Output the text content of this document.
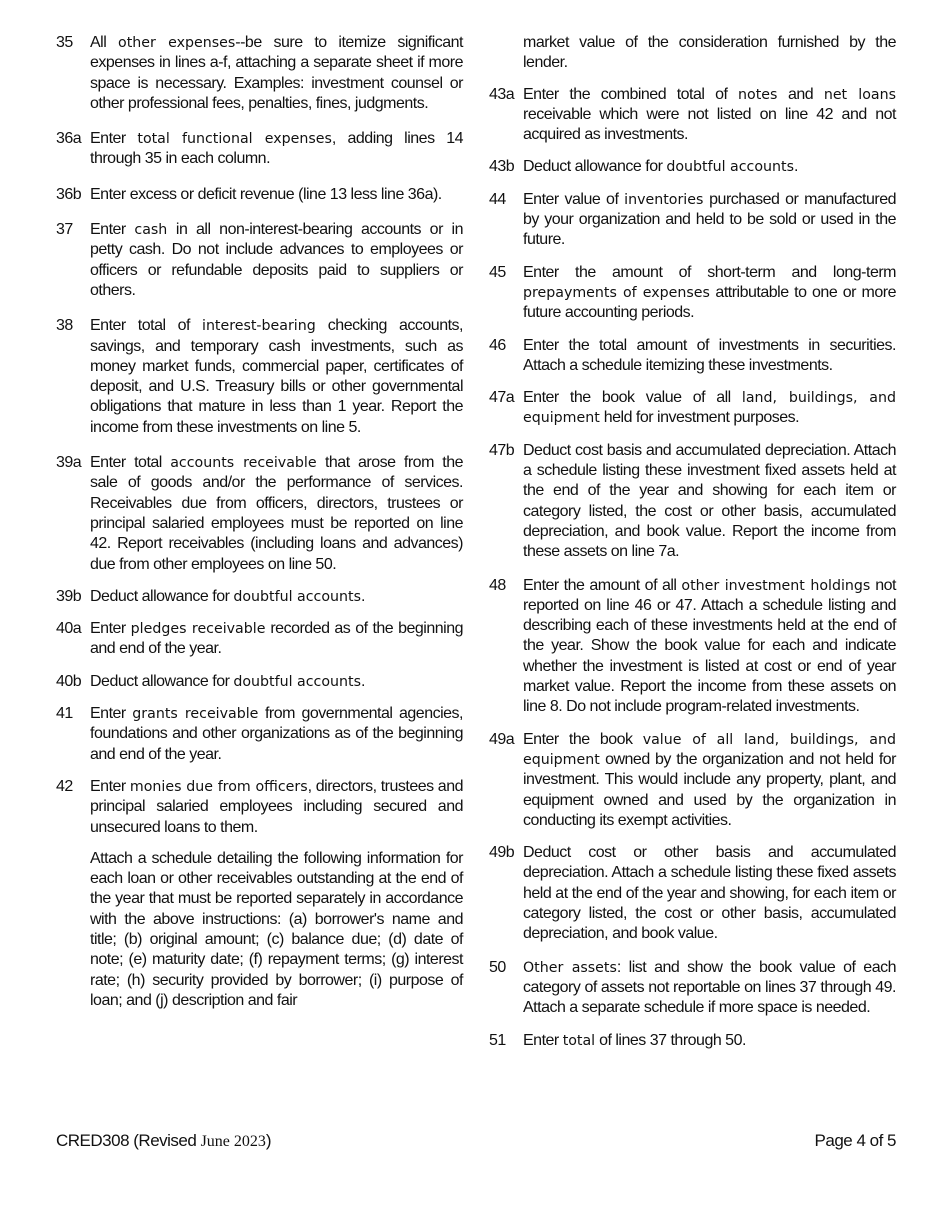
35	All other expenses--be sure to itemize significant expenses in lines a-f, attaching a separate sheet if more space is necessary. Examples: investment counsel or other professional fees, penalties, fines, judgments.
36a Enter total functional expenses, adding lines 14 through 35 in each column.
36b Enter excess or deficit revenue (line 13 less line 36a).
37	Enter cash in all non-interest-bearing accounts or in petty cash. Do not include advances to employees or officers or refundable deposits paid to suppliers or others.
38	Enter total of interest-bearing checking accounts, savings, and temporary cash investments, such as money market funds, commercial paper, certificates of deposit, and U.S. Treasury bills or other governmental obligations that mature in less than 1 year. Report the income from these investments on line 5.
39a Enter total accounts receivable that arose from the sale of goods and/or the performance of services. Receivables due from officers, directors, trustees or principal salaried employees must be reported on line 42. Report receivables (including loans and advances) due from other employees on line 50.
39b Deduct allowance for doubtful accounts.
40a Enter pledges receivable recorded as of the beginning and end of the year.
40b Deduct allowance for doubtful accounts.
41	Enter grants receivable from governmental agencies, foundations and other organizations as of the beginning and end of the year.
42	Enter monies due from officers, directors, trustees and principal salaried employees including secured and unsecured loans to them.
Attach a schedule detailing the following information for each loan or other receivables outstanding at the end of the year that must be reported separately in accordance with the above instructions: (a) borrower's name and title; (b) original amount; (c) balance due; (d) date of note; (e) maturity date; (f) repayment terms; (g) interest rate; (h) security provided by borrower; (i) purpose of loan; and (j) description and fair
market value of the consideration furnished by the lender.
43a Enter the combined total of notes and net loans receivable which were not listed on line 42 and not acquired as investments.
43b Deduct allowance for doubtful accounts.
44	Enter value of inventories purchased or manufactured by your organization and held to be sold or used in the future.
45	Enter the amount of short-term and long-term prepayments of expenses attributable to one or more future accounting periods.
46	Enter the total amount of investments in securities. Attach a schedule itemizing these investments.
47a Enter the book value of all land, buildings, and equipment held for investment purposes.
47b Deduct cost basis and accumulated depreciation. Attach a schedule listing these investment fixed assets held at the end of the year and showing for each item or category listed, the cost or other basis, accumulated depreciation, and book value. Report the income from these assets on line 7a.
48	Enter the amount of all other investment holdings not reported on line 46 or 47. Attach a schedule listing and describing each of these investments held at the end of the year. Show the book value for each and indicate whether the investment is listed at cost or end of year market value. Report the income from these assets on line 8. Do not include program-related investments.
49a Enter the book value of all land, buildings, and equipment owned by the organization and not held for investment. This would include any property, plant, and equipment owned and used by the organization in conducting its exempt activities.
49b Deduct cost or other basis and accumulated depreciation. Attach a schedule listing these fixed assets held at the end of the year and showing, for each item or category listed, the cost or other basis, accumulated depreciation, and book value.
50	Other assets: list and show the book value of each category of assets not reportable on lines 37 through 49. Attach a separate schedule if more space is needed.
51	Enter total of lines 37 through 50.
CRED308 (Revised June 2023)	Page 4 of 5
